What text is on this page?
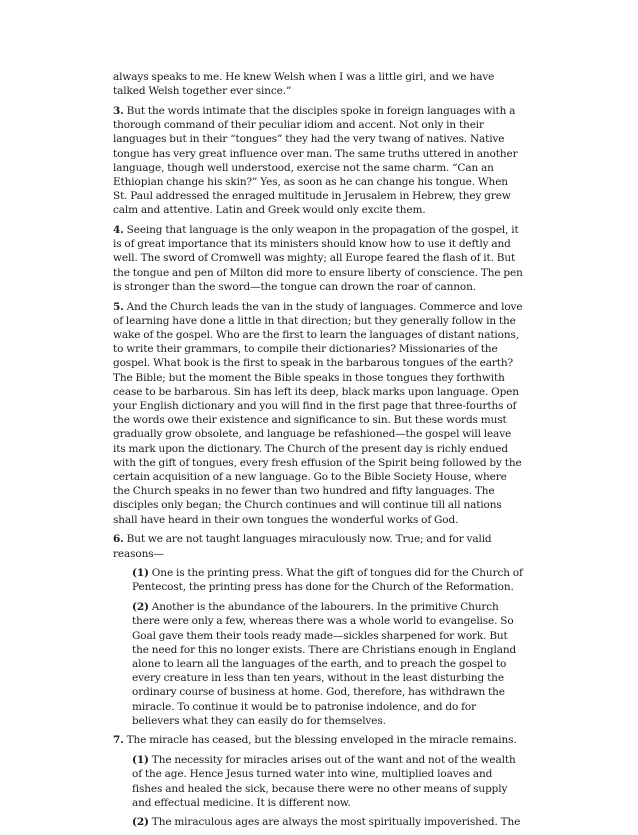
always speaks to me. He knew Welsh when I was a little girl, and we have talked Welsh together ever since.”

3. But the words intimate that the disciples spoke in foreign languages with a thorough command of their peculiar idiom and accent. Not only in their languages but in their “tongues” they had the very twang of natives. Native tongue has very great influence over man. The same truths uttered in another language, though well understood, exercise not the same charm. “Can an Ethiopian change his skin?” Yes, as soon as he can change his tongue. When St. Paul addressed the enraged multitude in Jerusalem in Hebrew, they grew calm and attentive. Latin and Greek would only excite them.

4. Seeing that language is the only weapon in the propagation of the gospel, it is of great importance that its ministers should know how to use it deftly and well. The sword of Cromwell was mighty; all Europe feared the flash of it. But the tongue and pen of Milton did more to ensure liberty of conscience. The pen is stronger than the sword—the tongue can drown the roar of cannon.

5. And the Church leads the van in the study of languages. Commerce and love of learning have done a little in that direction; but they generally follow in the wake of the gospel. Who are the first to learn the languages of distant nations, to write their grammars, to compile their dictionaries? Missionaries of the gospel. What book is the first to speak in the barbarous tongues of the earth? The Bible; but the moment the Bible speaks in those tongues they forthwith cease to be barbarous. Sin has left its deep, black marks upon language. Open your English dictionary and you will find in the first page that three-fourths of the words owe their existence and significance to sin. But these words must gradually grow obsolete, and language be refashioned—the gospel will leave its mark upon the dictionary. The Church of the present day is richly endued with the gift of tongues, every fresh effusion of the Spirit being followed by the certain acquisition of a new language. Go to the Bible Society House, where the Church speaks in no fewer than two hundred and fifty languages. The disciples only began; the Church continues and will continue till all nations shall have heard in their own tongues the wonderful works of God.

6. But we are not taught languages miraculously now. True; and for valid reasons—

(1) One is the printing press. What the gift of tongues did for the Church of Pentecost, the printing press has done for the Church of the Reformation.

(2) Another is the abundance of the labourers. In the primitive Church there were only a few, whereas there was a whole world to evangelise. So Goal gave them their tools ready made—sickles sharpened for work. But the need for this no longer exists. There are Christians enough in England alone to learn all the languages of the earth, and to preach the gospel to every creature in less than ten years, without in the least disturbing the ordinary course of business at home. God, therefore, has withdrawn the miracle. To continue it would be to patronise indolence, and do for believers what they can easily do for themselves.

7. The miracle has ceased, but the blessing enveloped in the miracle remains.

(1) The necessity for miracles arises out of the want and not of the wealth of the age. Hence Jesus turned water into wine, multiplied loaves and fishes and healed the sick, because there were no other means of supply and effectual medicine. It is different now.

(2) The miraculous ages are always the most spiritually impoverished. The
